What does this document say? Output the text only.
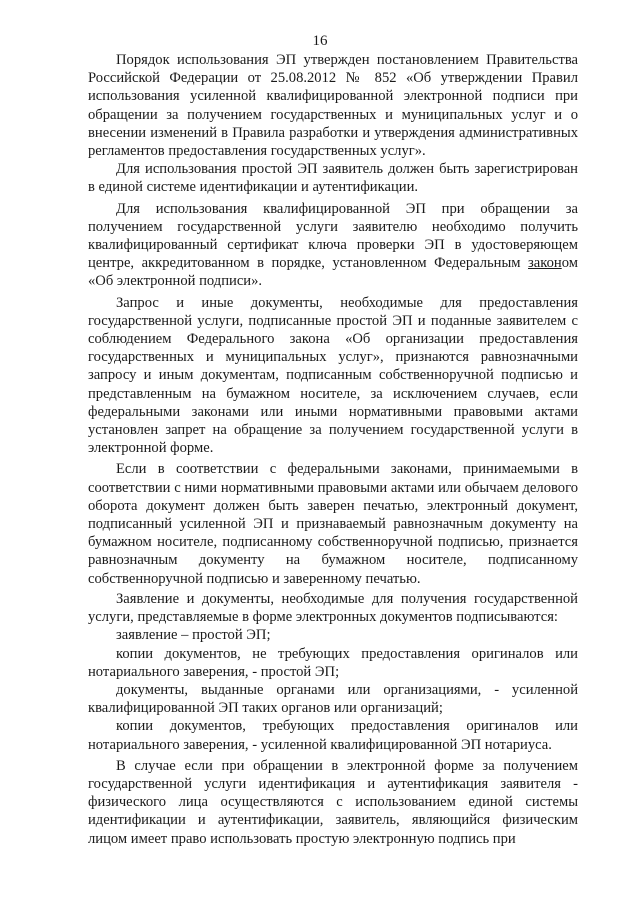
16

Порядок использования ЭП утвержден постановлением Правительства Российской Федерации от 25.08.2012 № 852 «Об утверждении Правил использования усиленной квалифицированной электронной подписи при обращении за получением государственных и муниципальных услуг и о внесении изменений в Правила разработки и утверждения административных регламентов предоставления государственных услуг».

Для использования простой ЭП заявитель должен быть зарегистрирован в единой системе идентификации и аутентификации.

Для использования квалифицированной ЭП при обращении за получением государственной услуги заявителю необходимо получить квалифицированный сертификат ключа проверки ЭП в удостоверяющем центре, аккредитованном в порядке, установленном Федеральным законом «Об электронной подписи».

Запрос и иные документы, необходимые для предоставления государственной услуги, подписанные простой ЭП и поданные заявителем с соблюдением Федерального закона «Об организации предоставления государственных и муниципальных услуг», признаются равнозначными запросу и иным документам, подписанным собственноручной подписью и представленным на бумажном носителе, за исключением случаев, если федеральными законами или иными нормативными правовыми актами установлен запрет на обращение за получением государственной услуги в электронной форме.

Если в соответствии с федеральными законами, принимаемыми в соответствии с ними нормативными правовыми актами или обычаем делового оборота документ должен быть заверен печатью, электронный документ, подписанный усиленной ЭП и признаваемый равнозначным документу на бумажном носителе, подписанному собственноручной подписью, признается равнозначным документу на бумажном носителе, подписанному собственноручной подписью и заверенному печатью.

Заявление и документы, необходимые для получения государственной услуги, представляемые в форме электронных документов подписываются:

заявление – простой ЭП;

копии документов, не требующих предоставления оригиналов или нотариального заверения, - простой ЭП;

документы, выданные органами или организациями, - усиленной квалифицированной ЭП таких органов или организаций;

копии документов, требующих предоставления оригиналов или нотариального заверения, - усиленной квалифицированной ЭП нотариуса.

В случае если при обращении в электронной форме за получением государственной услуги идентификация и аутентификация заявителя - физического лица осуществляются с использованием единой системы идентификации и аутентификации, заявитель, являющийся физическим лицом имеет право использовать простую электронную подпись при
